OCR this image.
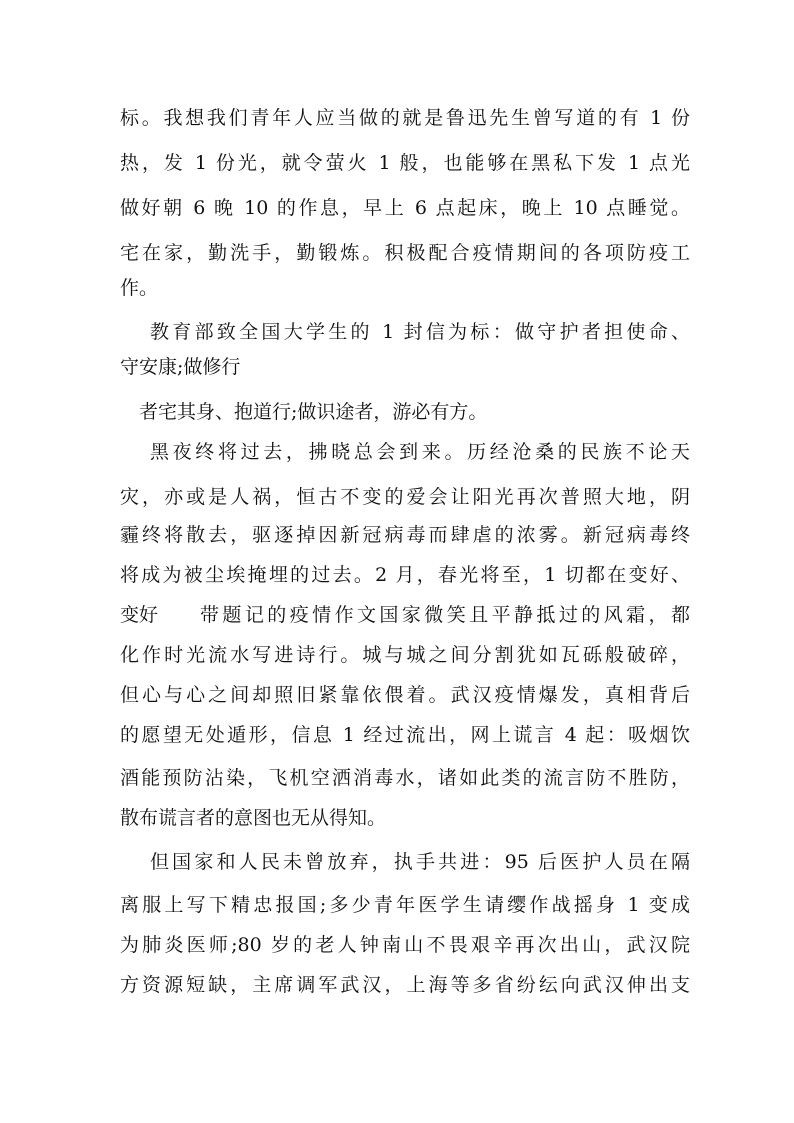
标。我想我们青年人应当做的就是鲁迅先生曾写道的有 1 份
热，发 1 份光，就令萤火 1 般，也能够在黑私下发 1 点光
做好朝 6 晚 10 的作息，早上 6 点起床，晚上 10 点睡觉。
宅在家，勤洗手，勤锻炼。积极配合疫情期间的各项防疫工
作。
教育部致全国大学生的 1 封信为标：做守护者担使命、
守安康;做修行
者宅其身、抱道行;做识途者，游必有方。
黑夜终将过去，拂晓总会到来。历经沧桑的民族不论天
灾，亦或是人祸，恒古不变的爱会让阳光再次普照大地，阴
霾终将散去，驱逐掉因新冠病毒而肆虐的浓雾。新冠病毒终
将成为被尘埃掩埋的过去。2 月，春光将至，1 切都在变好、
变好	带题记的疫情作文国家微笑且平静抵过的风霜，都
化作时光流水写进诗行。城与城之间分割犹如瓦砾般破碎，
但心与心之间却照旧紧靠依偎着。武汉疫情爆发，真相背后
的愿望无处遁形，信息 1 经过流出，网上谎言 4 起：吸烟饮
酒能预防沾染，飞机空洒消毒水，诸如此类的流言防不胜防，
散布谎言者的意图也无从得知。
但国家和人民未曾放弃，执手共进：95 后医护人员在隔
离服上写下精忠报国;多少青年医学生请缨作战摇身 1 变成
为肺炎医师;80 岁的老人钟南山不畏艰辛再次出山，武汉院
方资源短缺，主席调军武汉，上海等多省纷纭向武汉伸出支
